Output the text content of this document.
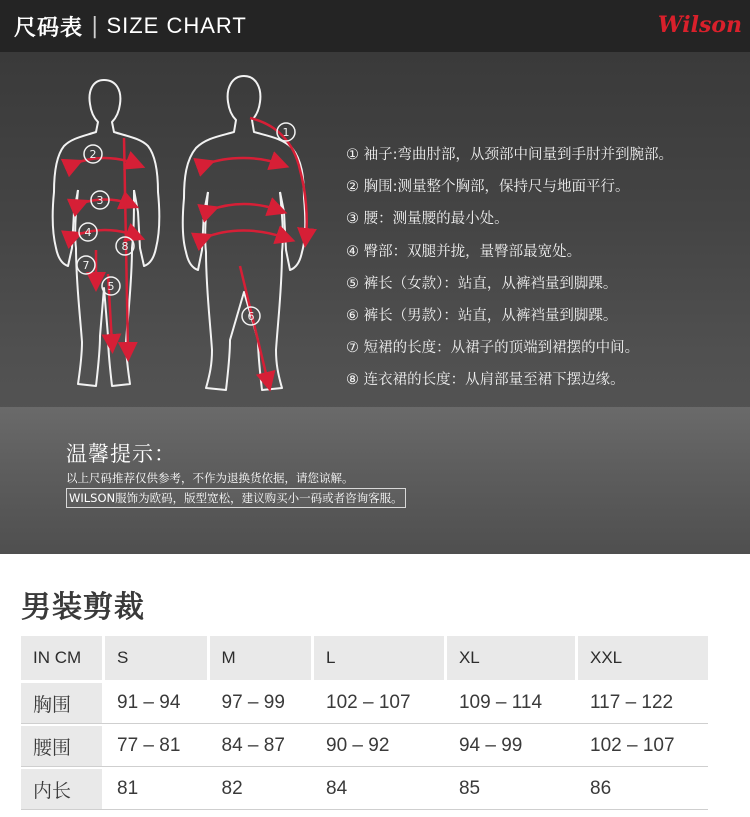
尺码表 | SIZE CHART	Wilson
2
3
4
8
7
5
1
6
① 袖子:弯曲肘部，从颈部中间量到手肘并到腕部。
② 胸围:测量整个胸部，保持尺与地面平行。
③ 腰：测量腰的最小处。
④ 臀部：双腿并拢，量臀部最宽处。
⑤ 裤长（女款）：站直，从裤裆量到脚踝。
⑥ 裤长（男款）：站直，从裤裆量到脚踝。
⑦ 短裙的长度：从裙子的顶端到裙摆的中间。
⑧ 连衣裙的长度：从肩部量至裙下摆边缘。
温馨提示：
以上尺码推荐仅供参考，不作为退换货依据，请您谅解。
WILSON服饰为欧码，版型宽松，建议购买小一码或者咨询客服。
男装剪裁
IN CM	S	M	L	XL	XXL
胸围	91 – 94	97 – 99	102 – 107	109 – 114	117 – 122
腰围	77 – 81	84 – 87	90 – 92	94 – 99	102 – 107
内长	81	82	84	85	86
